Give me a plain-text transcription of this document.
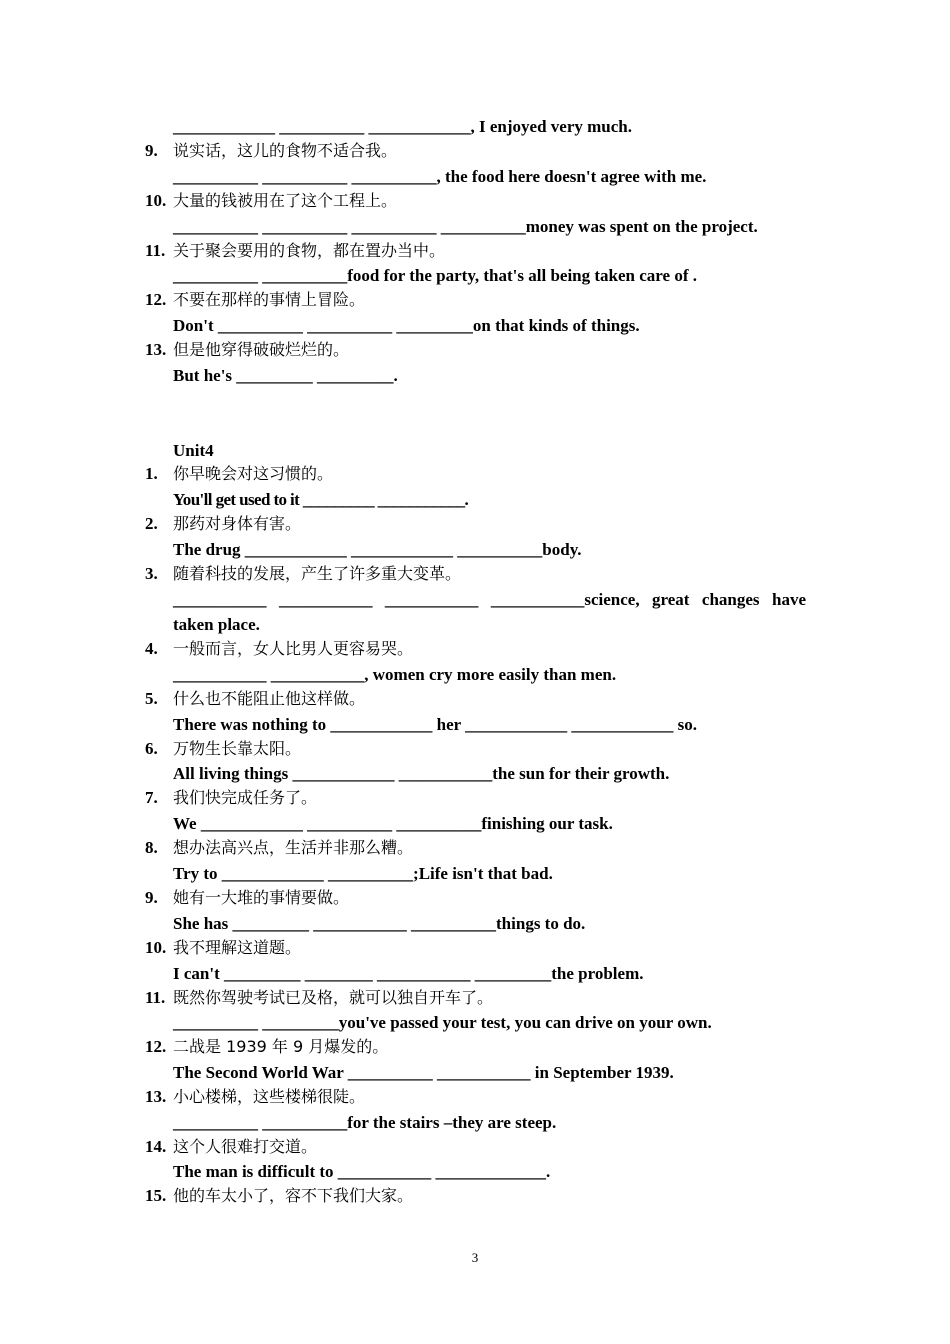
____________ __________ ____________, I enjoyed very much.
9. 说实话，这儿的食物不适合我。
__________ __________ __________, the food here doesn't agree with me.
10. 大量的钱被用在了这个工程上。
__________ __________ __________ __________money was spent on the project.
11. 关于聚会要用的食物，都在置办当中。
__________ __________food for the party, that's all being taken care of .
12. 不要在那样的事情上冒险。
Don't __________ __________ _________on that kinds of things.
13. 但是他穿得破破烂烂的。
But he's _________ _________.
Unit4
1. 你早晚会对这习惯的。
You'll get used to it _________ ___________.
2. 那药对身体有害。
The drug ____________ ____________ __________body.
3. 随着科技的发展，产生了许多重大变革。
___________ ___________ ___________ ___________science, great changes have
taken place.
4. 一般而言，女人比男人更容易哭。
___________ ___________, women cry more easily than men.
5. 什么也不能阻止他这样做。
There was nothing to ____________ her ____________ ____________ so.
6. 万物生长靠太阳。
All living things ____________ ___________the sun for their growth.
7. 我们快完成任务了。
We ____________ __________ __________finishing our task.
8. 想办法高兴点，生活并非那么糟。
Try to ____________ __________;Life isn't that bad.
9. 她有一大堆的事情要做。
She has _________ ___________ __________things to do.
10. 我不理解这道题。
I can't _________ ________ ___________ _________the problem.
11. 既然你驾驶考试已及格，就可以独自开车了。
__________ _________you've passed your test, you can drive on your own.
12. 二战是 1939 年 9 月爆发的。
The Second World War __________ ___________ in September 1939.
13. 小心楼梯，这些楼梯很陡。
__________ __________for the stairs –they are steep.
14. 这个人很难打交道。
The man is difficult to ___________ _____________.
15. 他的车太小了，容不下我们大家。
3
